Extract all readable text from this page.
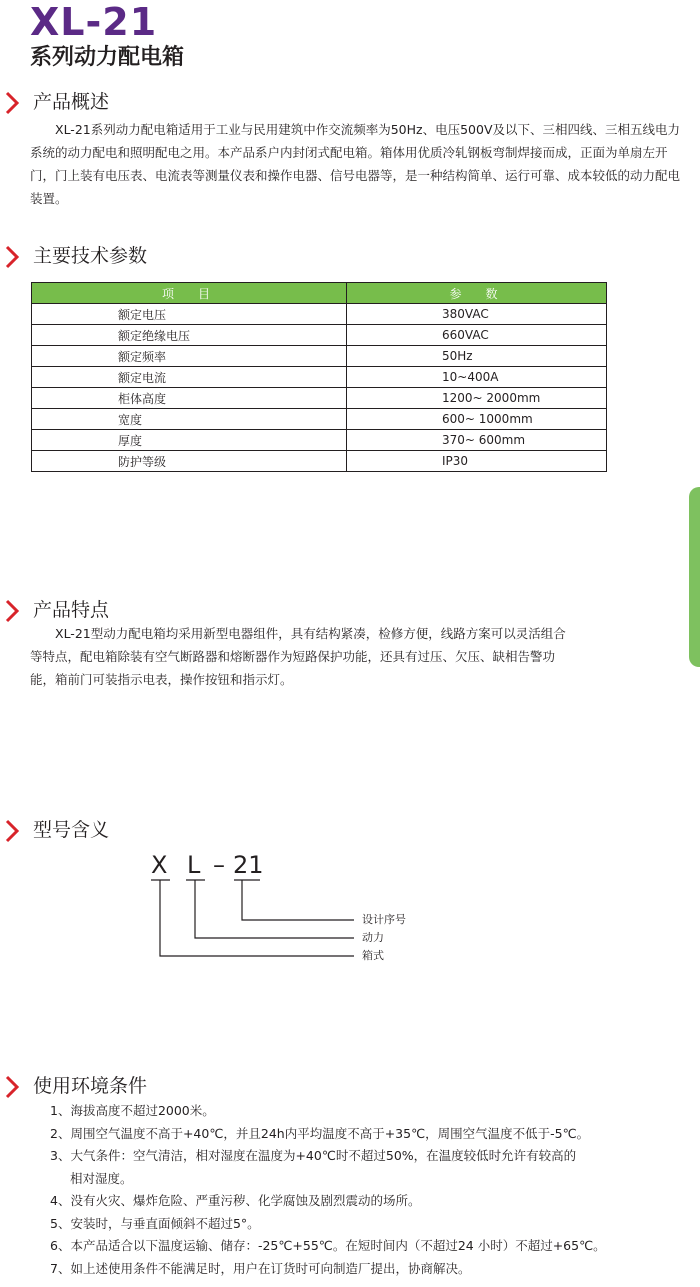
XL-21
系列动力配电箱
产品概述

XL-21系列动力配电箱适用于工业与民用建筑中作交流频率为50Hz、电压500V及以下、三相四线、三相五线电力系统的动力配电和照明配电之用。本产品系户内封闭式配电箱。箱体用优质冷轧钢板弯制焊接而成，正面为单扇左开门，门上装有电压表、电流表等测量仪表和操作电器、信号电器等，是一种结构简单、运行可靠、成本较低的动力配电装置。

主要技术参数
项　目	参　数
额定电压	380VAC
额定绝缘电压	660VAC
额定频率	50Hz
额定电流	10~400A
柜体高度	1200~ 2000mm
宽度	600~ 1000mm
厚度	370~ 600mm
防护等级	IP30
产品特点
XL-21型动力配电箱均采用新型电器组件，具有结构紧凑，检修方便，线路方案可以灵活组合
等特点，配电箱除装有空气断路器和熔断器作为短路保护功能，还具有过压、欠压、缺相告警功
能，箱前门可装指示电表，操作按钮和指示灯。
型号含义
X L – 21
设计序号
动力
箱式
使用环境条件
1、海拔高度不超过2000米。
2、周围空气温度不高于+40℃，并且24h内平均温度不高于+35℃，周围空气温度不低于-5℃。
3、大气条件：空气清洁，相对湿度在温度为+40℃时不超过50%，在温度较低时允许有较高的
相对湿度。
4、没有火灾、爆炸危险、严重污秽、化学腐蚀及剧烈震动的场所。
5、安装时，与垂直面倾斜不超过5°。
6、本产品适合以下温度运输、储存：-25℃+55℃。在短时间内（不超过24 小时）不超过+65℃。
7、如上述使用条件不能满足时，用户在订货时可向制造厂提出，协商解决。
